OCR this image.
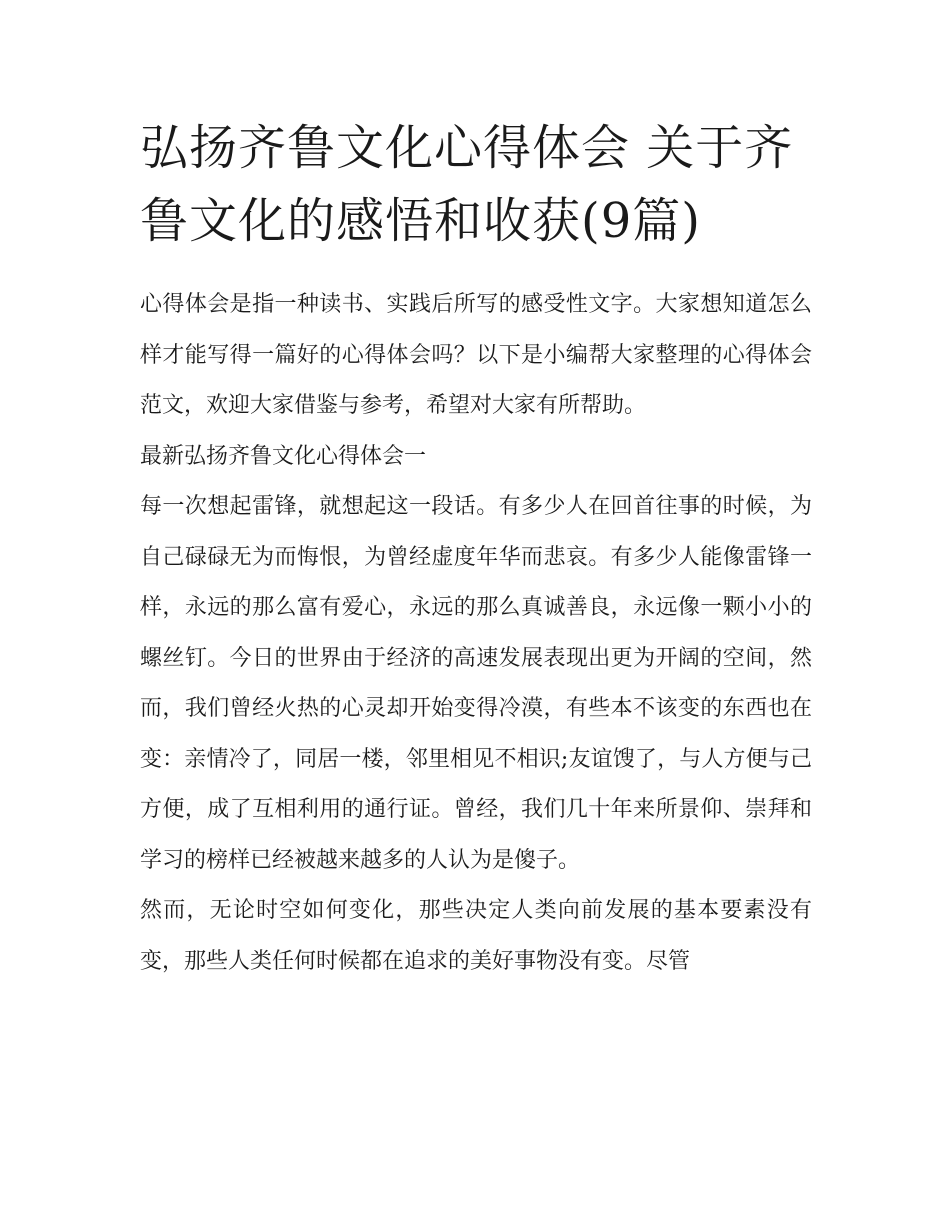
弘扬齐鲁文化心得体会 关于齐鲁文化的感悟和收获(9篇)

心得体会是指一种读书、实践后所写的感受性文字。大家想知道怎么样才能写得一篇好的心得体会吗？以下是小编帮大家整理的心得体会范文，欢迎大家借鉴与参考，希望对大家有所帮助。

最新弘扬齐鲁文化心得体会一

每一次想起雷锋，就想起这一段话。有多少人在回首往事的时候，为自己碌碌无为而悔恨，为曾经虚度年华而悲哀。有多少人能像雷锋一样，永远的那么富有爱心，永远的那么真诚善良，永远像一颗小小的螺丝钉。今日的世界由于经济的高速发展表现出更为开阔的空间，然而，我们曾经火热的心灵却开始变得冷漠，有些本不该变的东西也在变：亲情冷了，同居一楼，邻里相见不相识;友谊馊了，与人方便与己方便，成了互相利用的通行证。曾经，我们几十年来所景仰、崇拜和学习的榜样已经被越来越多的人认为是傻子。

然而，无论时空如何变化，那些决定人类向前发展的基本要素没有变，那些人类任何时候都在追求的美好事物没有变。尽管
